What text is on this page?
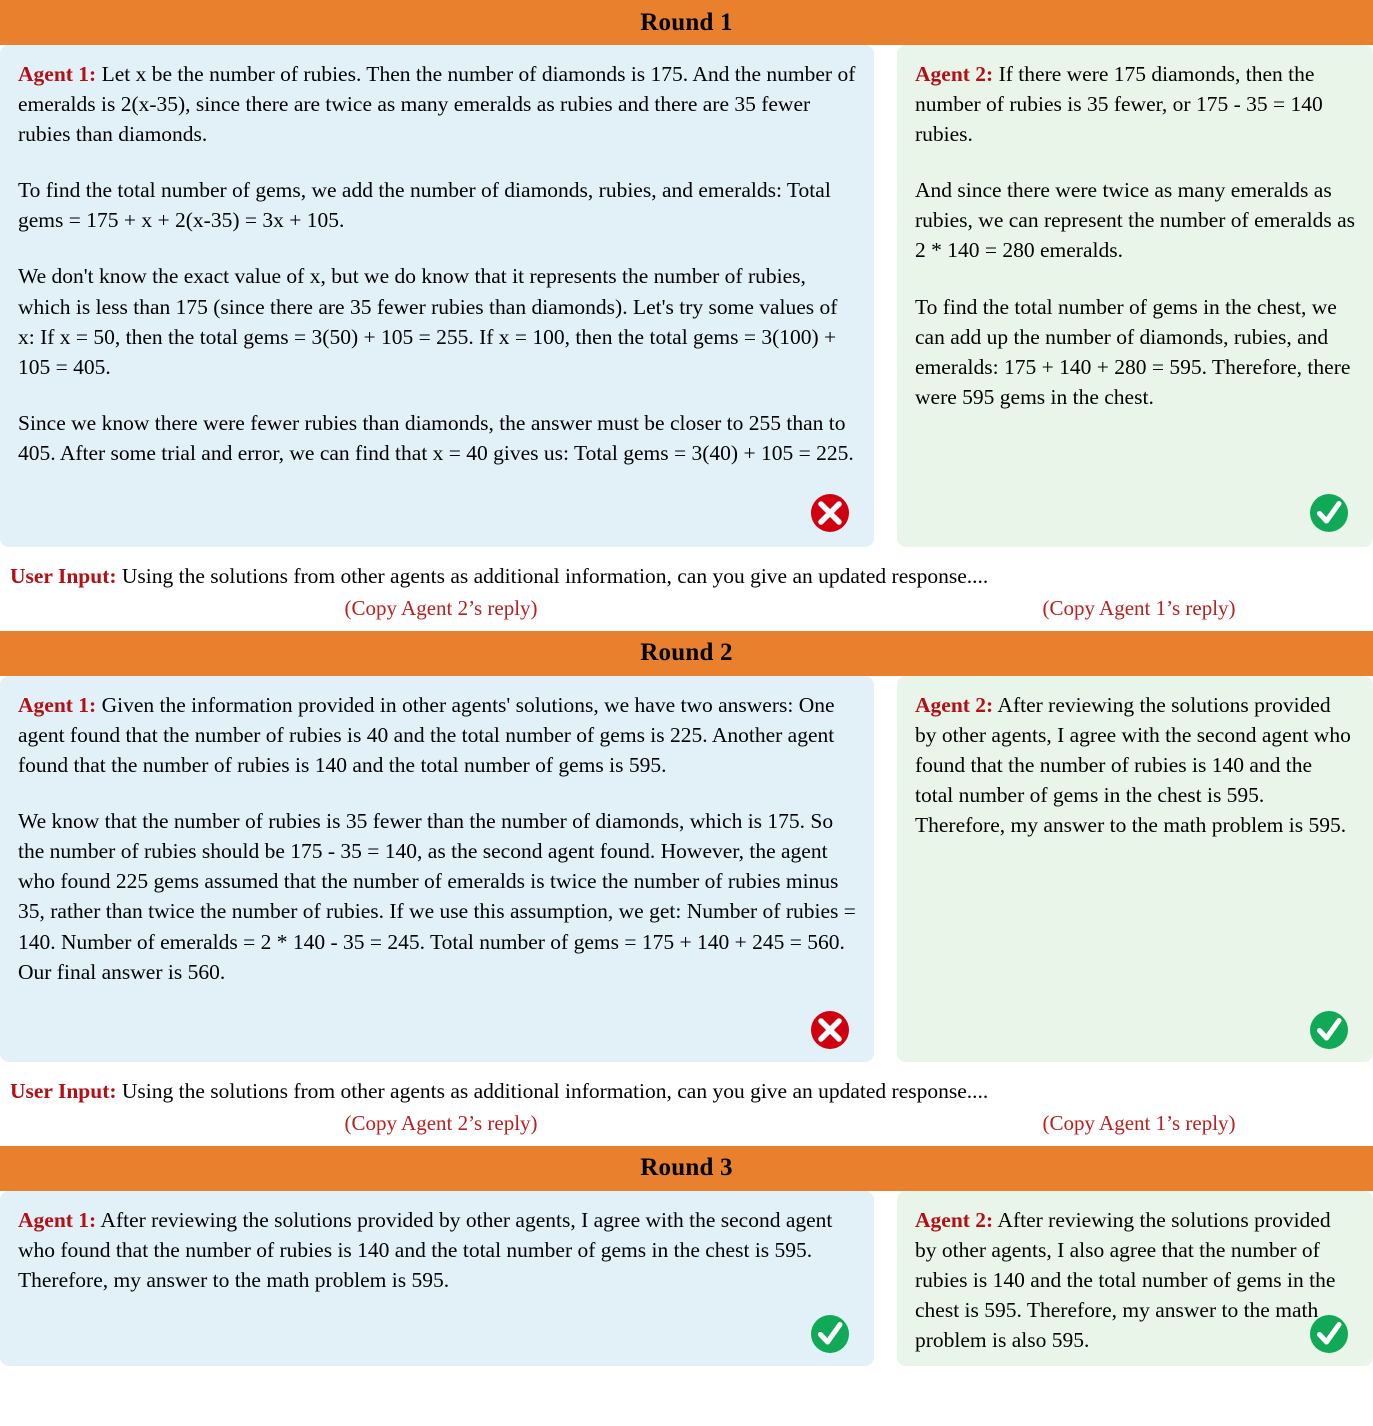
Round 1

Agent 1: Let x be the number of rubies. Then the number of diamonds is 175. And the number of emeralds is 2(x-35), since there are twice as many emeralds as rubies and there are 35 fewer rubies than diamonds.

To find the total number of gems, we add the number of diamonds, rubies, and emeralds: Total gems = 175 + x + 2(x-35) = 3x + 105.

We don't know the exact value of x, but we do know that it represents the number of rubies, which is less than 175 (since there are 35 fewer rubies than diamonds). Let's try some values of x: If x = 50, then the total gems = 3(50) + 105 = 255. If x = 100, then the total gems = 3(100) + 105 = 405.

Since we know there were fewer rubies than diamonds, the answer must be closer to 255 than to 405. After some trial and error, we can find that x = 40 gives us: Total gems = 3(40) + 105 = 225.

Agent 2: If there were 175 diamonds, then the number of rubies is 35 fewer, or 175 - 35 = 140 rubies.

And since there were twice as many emeralds as rubies, we can represent the number of emeralds as 2 * 140 = 280 emeralds.

To find the total number of gems in the chest, we can add up the number of diamonds, rubies, and emeralds: 175 + 140 + 280 = 595. Therefore, there were 595 gems in the chest.

User Input: Using the solutions from other agents as additional information, can you give an updated response....
(Copy Agent 2’s reply)	(Copy Agent 1’s reply)
Round 2

Agent 1: Given the information provided in other agents' solutions, we have two answers: One agent found that the number of rubies is 40 and the total number of gems is 225. Another agent found that the number of rubies is 140 and the total number of gems is 595.

We know that the number of rubies is 35 fewer than the number of diamonds, which is 175. So the number of rubies should be 175 - 35 = 140, as the second agent found. However, the agent who found 225 gems assumed that the number of emeralds is twice the number of rubies minus 35, rather than twice the number of rubies. If we use this assumption, we get: Number of rubies = 140. Number of emeralds = 2 * 140 - 35 = 245. Total number of gems = 175 + 140 + 245 = 560. Our final answer is 560.

Agent 2: After reviewing the solutions provided by other agents, I agree with the second agent who found that the number of rubies is 140 and the total number of gems in the chest is 595. Therefore, my answer to the math problem is 595.

User Input: Using the solutions from other agents as additional information, can you give an updated response....
(Copy Agent 2’s reply)	(Copy Agent 1’s reply)
Round 3

Agent 1: After reviewing the solutions provided by other agents, I agree with the second agent who found that the number of rubies is 140 and the total number of gems in the chest is 595. Therefore, my answer to the math problem is 595.

Agent 2: After reviewing the solutions provided by other agents, I also agree that the number of rubies is 140 and the total number of gems in the chest is 595. Therefore, my answer to the math problem is also 595.
